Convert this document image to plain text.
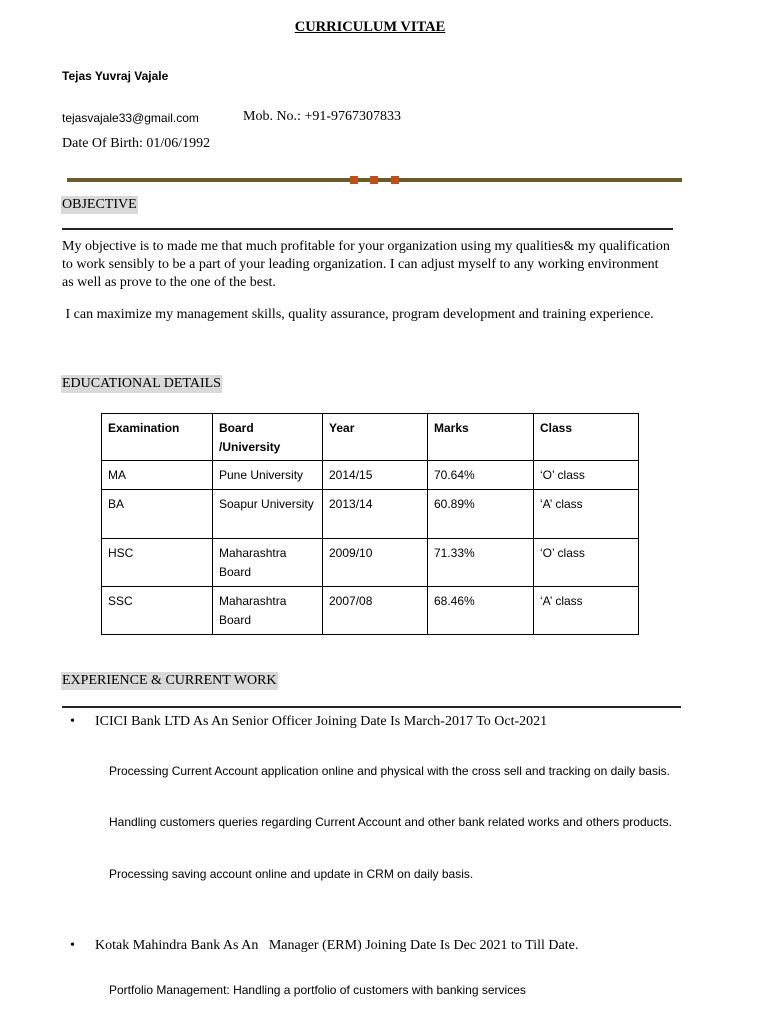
CURRICULUM VITAE
Tejas Yuvraj Vajale
tejasvajale33@gmail.com	Mob. No.: +91-9767307833
Date Of Birth: 01/06/1992
OBJECTIVE
My objective is to made me that much profitable for your organization using my qualities& my qualification to work sensibly to be a part of your leading organization. I can adjust myself to any working environment as well as prove to the one of the best.
I can maximize my management skills, quality assurance, program development and training experience.
EDUCATIONAL DETAILS
Examination	Board /University	Year	Marks	Class
MA	Pune University	2014/15	70.64%	‘O’ class
BA	Soapur University	2013/14	60.89%	‘A’ class
HSC	Maharashtra Board	2009/10	71.33%	‘O’ class
SSC	Maharashtra Board	2007/08	68.46%	‘A’ class
EXPERIENCE & CURRENT WORK
• ICICI Bank LTD As An Senior Officer Joining Date Is March-2017 To Oct-2021
Processing Current Account application online and physical with the cross sell and tracking on daily basis.
Handling customers queries regarding Current Account and other bank related works and others products.
Processing saving account online and update in CRM on daily basis.
• Kotak Mahindra Bank As An   Manager (ERM) Joining Date Is Dec 2021 to Till Date.
Portfolio Management: Handling a portfolio of customers with banking services
